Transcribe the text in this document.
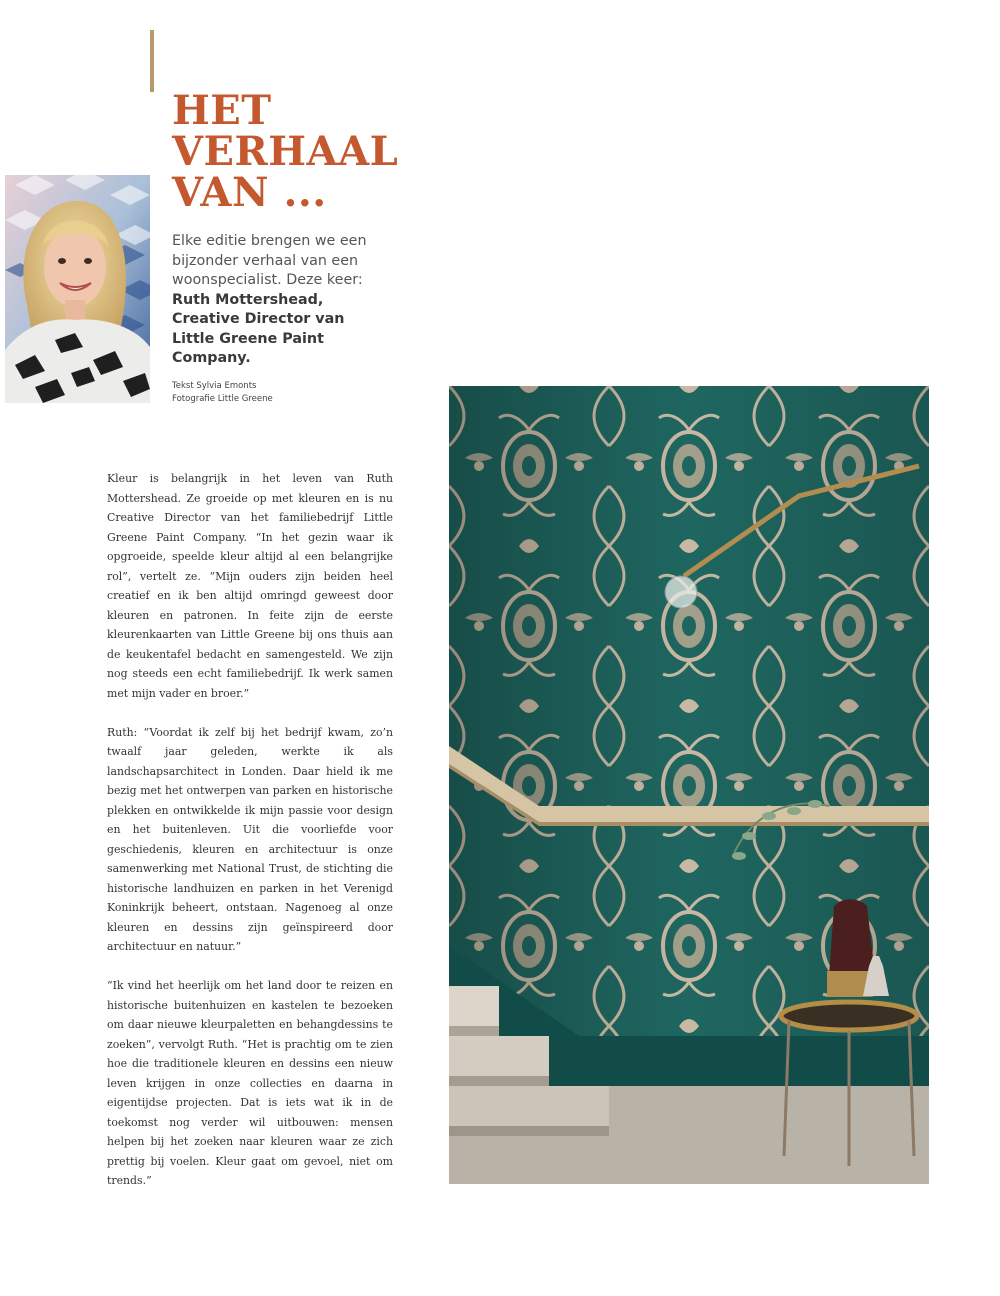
HET
VERHAAL
VAN ...

Elke editie brengen we een bijzonder verhaal van een woonspecialist. Deze keer: Ruth Mottershead, Creative Director van Little Greene Paint Company.

Tekst Sylvia Emonts
Fotografie Little Greene

Kleur is belangrijk in het leven van Ruth Mottershead. Ze groeide op met kleuren en is nu Creative Director van het familiebedrijf Little Greene Paint Company. “In het gezin waar ik opgroeide, speelde kleur altijd al een belangrijke rol”, vertelt ze. “Mijn ouders zijn beiden heel creatief en ik ben altijd omringd geweest door kleuren en patronen. In feite zijn de eerste kleurenkaarten van Little Greene bij ons thuis aan de keukentafel bedacht en samengesteld. We zijn nog steeds een echt familiebedrijf. Ik werk samen met mijn vader en broer.”

Ruth: “Voordat ik zelf bij het bedrijf kwam, zo’n twaalf jaar geleden, werkte ik als landschapsarchitect in Londen. Daar hield ik me bezig met het ontwerpen van parken en historische plekken en ontwikkelde ik mijn passie voor design en het buitenleven. Uit die voorliefde voor geschiedenis, kleuren en architectuur is onze samenwerking met National Trust, de stichting die historische landhuizen en parken in het Verenigd Koninkrijk beheert, ontstaan. Nagenoeg al onze kleuren en dessins zijn geïnspireerd door architectuur en natuur.”

“Ik vind het heerlijk om het land door te reizen en historische buitenhuizen en kastelen te bezoeken om daar nieuwe kleurpaletten en behangdessins te zoeken”, vervolgt Ruth. “Het is prachtig om te zien hoe die traditionele kleuren en dessins een nieuw leven krijgen in onze collecties en daarna in eigentijdse projecten. Dat is iets wat ik in de toekomst nog verder wil uitbouwen: mensen helpen bij het zoeken naar kleuren waar ze zich prettig bij voelen. Kleur gaat om gevoel, niet om trends.”
